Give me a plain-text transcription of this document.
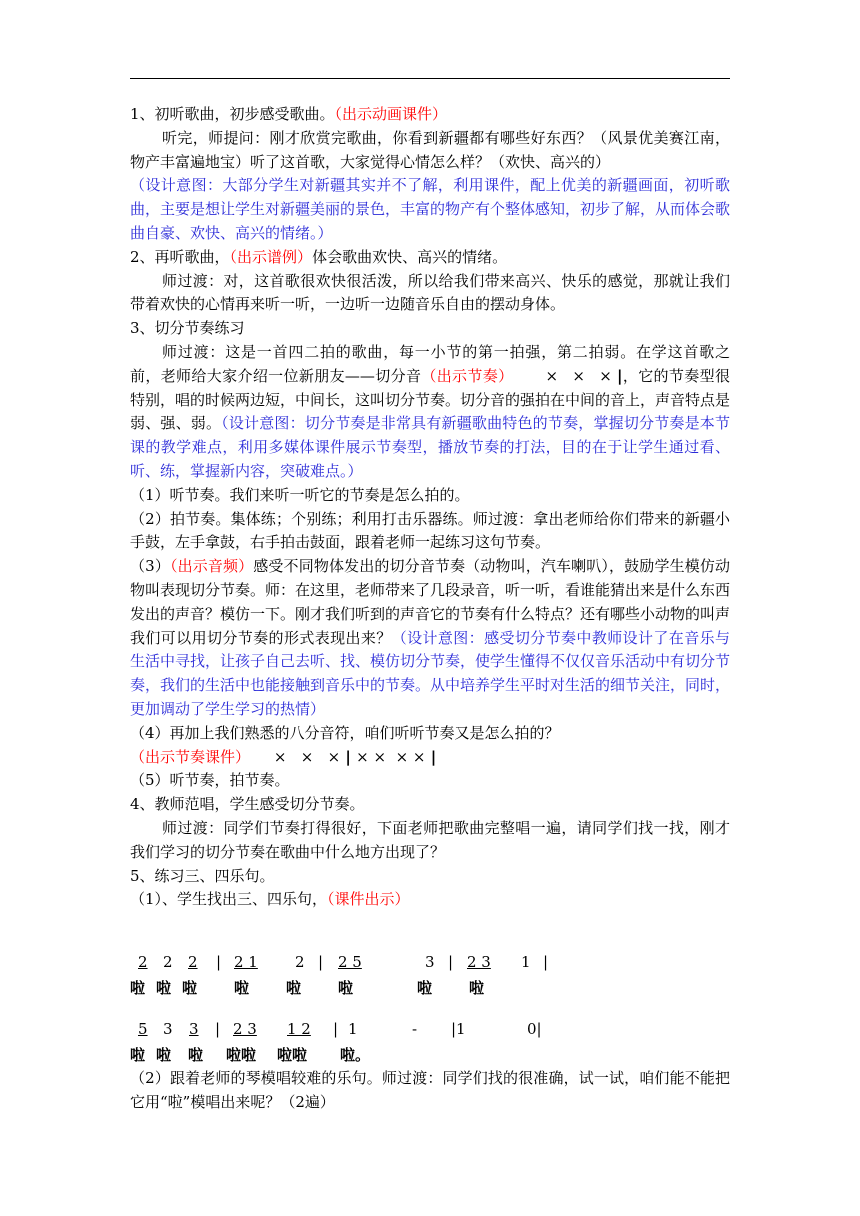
1、初听歌曲，初步感受歌曲。（出示动画课件）

听完，师提问：刚才欣赏完歌曲，你看到新疆都有哪些好东西？（风景优美赛江南，物产丰富遍地宝）听了这首歌，大家觉得心情怎么样？（欢快、高兴的）

（设计意图：大部分学生对新疆其实并不了解，利用课件，配上优美的新疆画面，初听歌曲，主要是想让学生对新疆美丽的景色，丰富的物产有个整体感知，初步了解，从而体会歌曲自豪、欢快、高兴的情绪。）

2、再听歌曲，（出示谱例）体会歌曲欢快、高兴的情绪。

师过渡：对，这首歌很欢快很活泼，所以给我们带来高兴、快乐的感觉，那就让我们带着欢快的心情再来听一听，一边听一边随音乐自由的摆动身体。

3、切分节奏练习

师过渡：这是一首四二拍的歌曲，每一小节的第一拍强，第二拍弱。在学这首歌之前，老师给大家介绍一位新朋友——切分音（出示节奏） ×   ×   × |，它的节奏型很特别，唱的时候两边短，中间长，这叫切分节奏。切分音的强拍在中间的音上，声音特点是弱、强、弱。（设计意图：切分节奏是非常具有新疆歌曲特色的节奏，掌握切分节奏是本节课的教学难点，利用多媒体课件展示节奏型，播放节奏的打法，目的在于让学生通过看、听、练，掌握新内容，突破难点。）

（1）听节奏。我们来听一听它的节奏是怎么拍的。

（2）拍节奏。集体练；个别练；利用打击乐器练。师过渡：拿出老师给你们带来的新疆小手鼓，左手拿鼓，右手拍击鼓面，跟着老师一起练习这句节奏。

（3）（出示音频）感受不同物体发出的切分音节奏（动物叫，汽车喇叭），鼓励学生模仿动物叫表现切分节奏。师：在这里，老师带来了几段录音，听一听，看谁能猜出来是什么东西发出的声音？模仿一下。刚才我们听到的声音它的节奏有什么特点？还有哪些小动物的叫声我们可以用切分节奏的形式表现出来？（设计意图：感受切分节奏中教师设计了在音乐与生活中寻找，让孩子自己去听、找、模仿切分节奏，使学生懂得不仅仅音乐活动中有切分节奏，我们的生活中也能接触到音乐中的节奏。从中培养学生平时对生活的细节关注，同时，更加调动了学生学习的热情）

（4）再加上我们熟悉的八分音符，咱们听听节奏又是怎么拍的？

（出示节奏课件） ×   ×   × | × ×  × × |

（5）听节奏，拍节奏。

4、教师范唱，学生感受切分节奏。

师过渡：同学们节奏打得很好，下面老师把歌曲完整唱一遍，请同学们找一找，刚才我们学习的切分节奏在歌曲中什么地方出现了？

5、练习三、四乐句。

（1）、学生找出三、四乐句，（课件出示）

2 2 2 | 2 1 2 | 2 5	3 | 2 3 1 |
啦 啦 啦 啦 啦 啦	啦 啦
5 3 3 | 2 3 1 2 | 1	- |1	0|
啦 啦 啦 啦啦 啦啦 啦。

（2）跟着老师的琴模唱较难的乐句。师过渡：同学们找的很准确，试一试，咱们能不能把它用“啦”模唱出来呢？（2遍）
